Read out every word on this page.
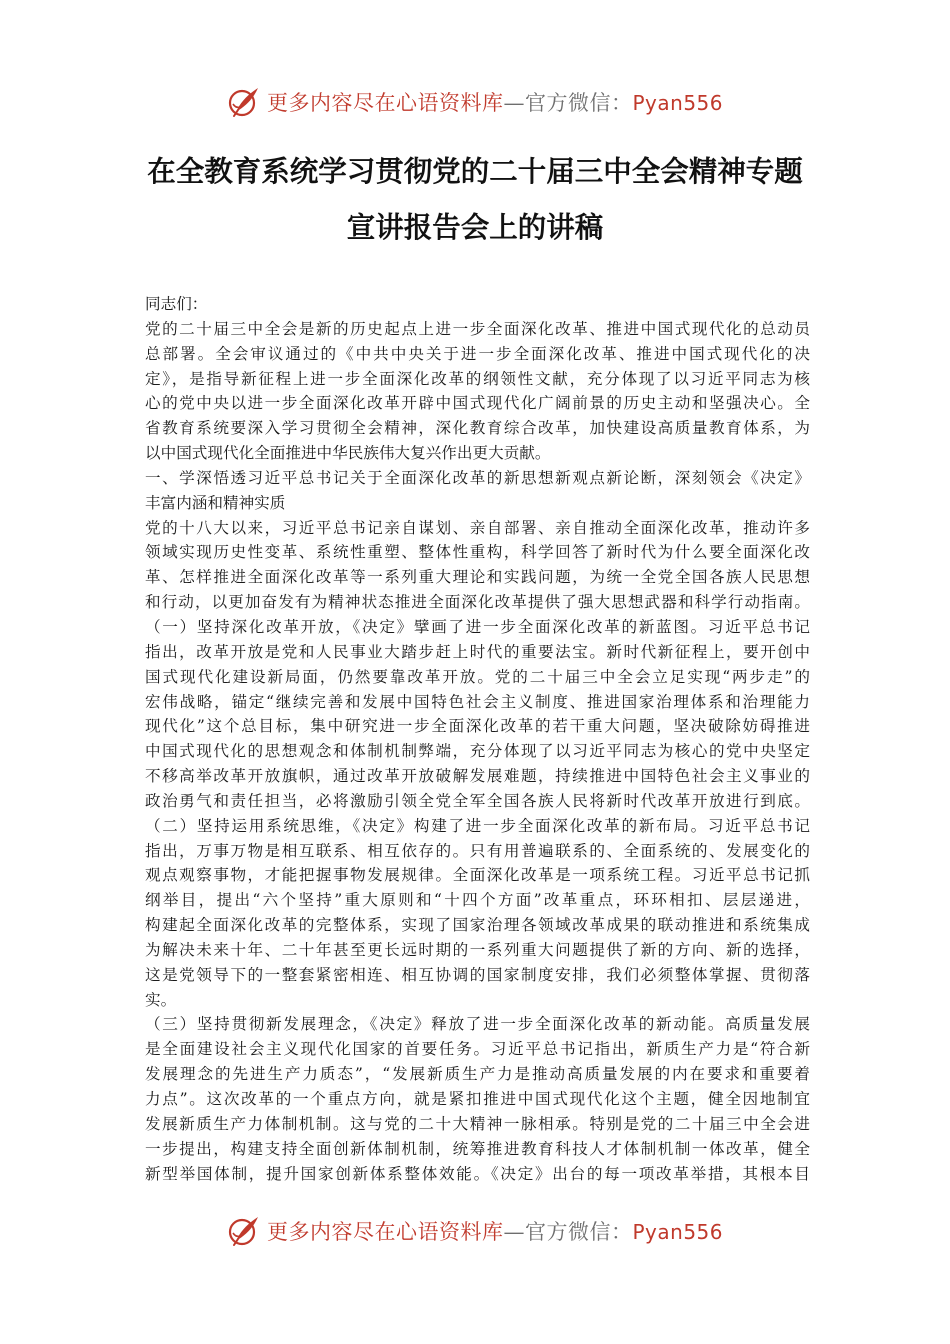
更多内容尽在心语资料库—官方微信：Pyan556
在全教育系统学习贯彻党的二十届三中全会精神专题
宣讲报告会上的讲稿
同志们：
党的二十届三中全会是新的历史起点上进一步全面深化改革、推进中国式现代化的总动员
总部署。全会审议通过的《中共中央关于进一步全面深化改革、推进中国式现代化的决
定》，是指导新征程上进一步全面深化改革的纲领性文献，充分体现了以习近平同志为核
心的党中央以进一步全面深化改革开辟中国式现代化广阔前景的历史主动和坚强决心。全
省教育系统要深入学习贯彻全会精神，深化教育综合改革，加快建设高质量教育体系，为
以中国式现代化全面推进中华民族伟大复兴作出更大贡献。
一、学深悟透习近平总书记关于全面深化改革的新思想新观点新论断，深刻领会《决定》
丰富内涵和精神实质
党的十八大以来，习近平总书记亲自谋划、亲自部署、亲自推动全面深化改革，推动许多
领域实现历史性变革、系统性重塑、整体性重构，科学回答了新时代为什么要全面深化改
革、怎样推进全面深化改革等一系列重大理论和实践问题，为统一全党全国各族人民思想
和行动，以更加奋发有为精神状态推进全面深化改革提供了强大思想武器和科学行动指南。
（一）坚持深化改革开放，《决定》擘画了进一步全面深化改革的新蓝图。习近平总书记
指出，改革开放是党和人民事业大踏步赶上时代的重要法宝。新时代新征程上，要开创中
国式现代化建设新局面，仍然要靠改革开放。党的二十届三中全会立足实现“两步走”的
宏伟战略，锚定“继续完善和发展中国特色社会主义制度、推进国家治理体系和治理能力
现代化”这个总目标，集中研究进一步全面深化改革的若干重大问题，坚决破除妨碍推进
中国式现代化的思想观念和体制机制弊端，充分体现了以习近平同志为核心的党中央坚定
不移高举改革开放旗帜，通过改革开放破解发展难题，持续推进中国特色社会主义事业的
政治勇气和责任担当，必将激励引领全党全军全国各族人民将新时代改革开放进行到底。
（二）坚持运用系统思维，《决定》构建了进一步全面深化改革的新布局。习近平总书记
指出，万事万物是相互联系、相互依存的。只有用普遍联系的、全面系统的、发展变化的
观点观察事物，才能把握事物发展规律。全面深化改革是一项系统工程。习近平总书记抓
纲举目，提出“六个坚持”重大原则和“十四个方面”改革重点，环环相扣、层层递进，
构建起全面深化改革的完整体系，实现了国家治理各领域改革成果的联动推进和系统集成
为解决未来十年、二十年甚至更长远时期的一系列重大问题提供了新的方向、新的选择，
这是党领导下的一整套紧密相连、相互协调的国家制度安排，我们必须整体掌握、贯彻落
实。
（三）坚持贯彻新发展理念，《决定》释放了进一步全面深化改革的新动能。高质量发展
是全面建设社会主义现代化国家的首要任务。习近平总书记指出，新质生产力是“符合新
发展理念的先进生产力质态”，“发展新质生产力是推动高质量发展的内在要求和重要着
力点”。这次改革的一个重点方向，就是紧扣推进中国式现代化这个主题，健全因地制宜
发展新质生产力体制机制。这与党的二十大精神一脉相承。特别是党的二十届三中全会进
一步提出，构建支持全面创新体制机制，统筹推进教育科技人才体制机制一体改革，健全
新型举国体制，提升国家创新体系整体效能。《决定》出台的每一项改革举措，其根本目
更多内容尽在心语资料库—官方微信：Pyan556
